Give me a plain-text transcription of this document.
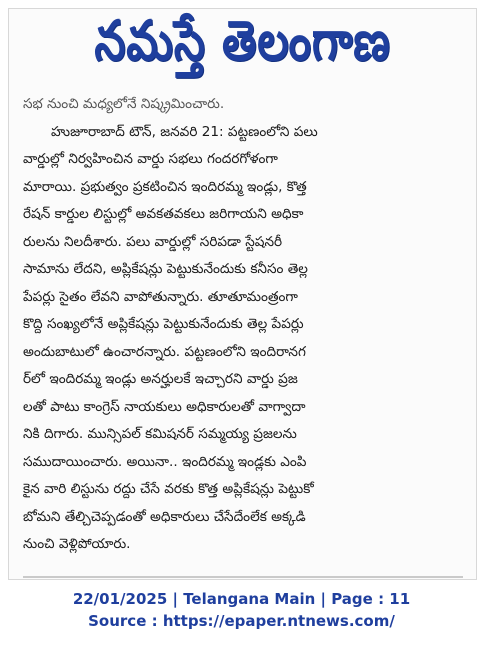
నమస్తే తెలంగాణ
సభ నుంచి మధ్యలోనే నిష్క్రమించారు.
హుజూరాబాద్ టౌన్, జనవరి 21: పట్టణంలోని పలు
వార్డుల్లో నిర్వహించిన వార్డు సభలు గందరగోళంగా
మారాయి. ప్రభుత్వం ప్రకటించిన ఇందిరమ్మ ఇండ్లు, కొత్త
రేషన్ కార్డుల లిస్టుల్లో అవకతవకలు జరిగాయని అధికా
రులను నిలదీశారు. పలు వార్డుల్లో సరిపడా స్టేషనరీ
సామాను లేదని, అప్లికేషన్లు పెట్టుకునేందుకు కనీసం తెల్ల
పేపర్లు సైతం లేవని వాపోతున్నారు. తూతూమంత్రంగా
కొద్ది సంఖ్యలోనే అప్లికేషన్లు పెట్టుకునేందుకు తెల్ల పేపర్లు
అందుబాటులో ఉంచారన్నారు. పట్టణంలోని ఇందిరానగ
ర్‌లో ఇందిరమ్మ ఇండ్లు అనర్హులకే ఇచ్చారని వార్డు ప్రజ
లతో పాటు కాంగ్రెస్ నాయకులు అధికారులతో వాగ్వాదా
నికి దిగారు. మున్సిపల్ కమిషనర్ సమ్మయ్య ప్రజలను
సముదాయించారు. అయినా.. ఇందిరమ్మ ఇండ్లకు ఎంపి
కైన వారి లిస్టును రద్దు చేసే వరకు కొత్త అప్లికేషన్లు పెట్టుకో
బోమని తేల్చిచెప్పడంతో అధికారులు చేసేదేంలేక అక్కడి
నుంచి వెళ్లిపోయారు.
22/01/2025 | Telangana Main | Page : 11
Source : https://epaper.ntnews.com/
